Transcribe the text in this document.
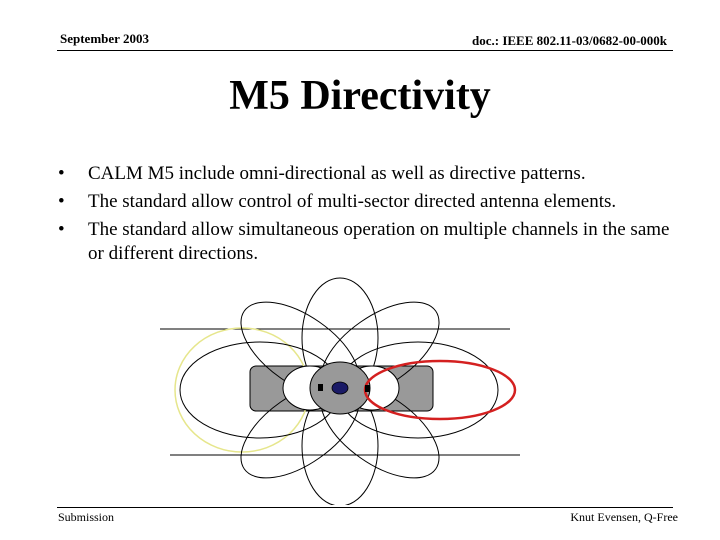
September 2003	doc.: IEEE 802.11-03/0682-00-000k
M5 Directivity
• CALM M5 include omni-directional as well as directive patterns.
• The standard allow control of multi-sector directed antenna elements.
• The standard allow simultaneous operation on multiple channels in the same or different directions.
Submission	Knut Evensen, Q-Free
